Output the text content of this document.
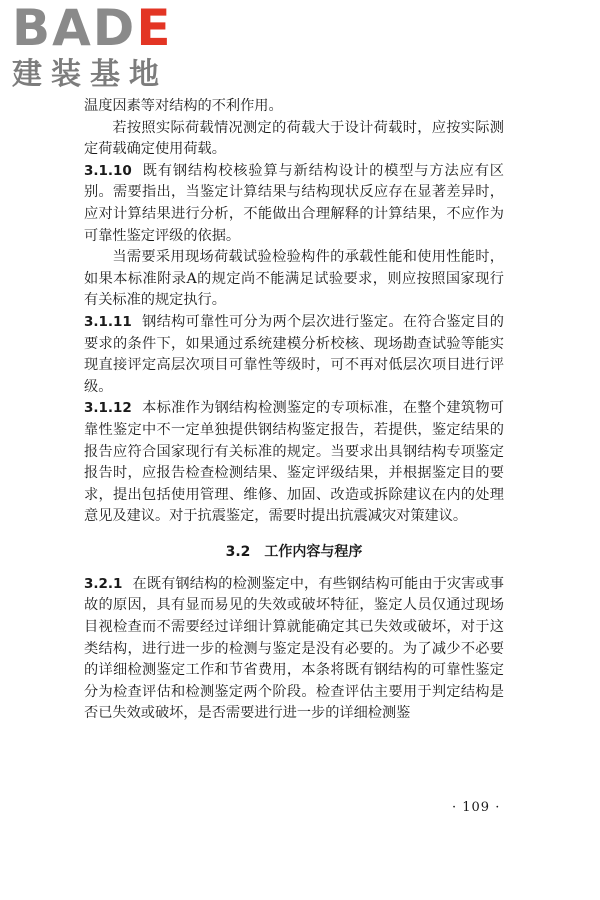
BADE
建装基地

温度因素等对结构的不利作用。

若按照实际荷载情况测定的荷载大于设计荷载时，应按实际测定荷载确定使用荷载。

3.1.10 既有钢结构校核验算与新结构设计的模型与方法应有区别。需要指出，当鉴定计算结果与结构现状反应存在显著差异时，应对计算结果进行分析，不能做出合理解释的计算结果，不应作为可靠性鉴定评级的依据。

当需要采用现场荷载试验检验构件的承载性能和使用性能时，如果本标准附录A的规定尚不能满足试验要求，则应按照国家现行有关标准的规定执行。

3.1.11 钢结构可靠性可分为两个层次进行鉴定。在符合鉴定目的要求的条件下，如果通过系统建模分析校核、现场勘查试验等能实现直接评定高层次项目可靠性等级时，可不再对低层次项目进行评级。

3.1.12 本标准作为钢结构检测鉴定的专项标准，在整个建筑物可靠性鉴定中不一定单独提供钢结构鉴定报告，若提供，鉴定结果的报告应符合国家现行有关标准的规定。当要求出具钢结构专项鉴定报告时，应报告检查检测结果、鉴定评级结果，并根据鉴定目的要求，提出包括使用管理、维修、加固、改造或拆除建议在内的处理意见及建议。对于抗震鉴定，需要时提出抗震减灾对策建议。

3.2 工作内容与程序

3.2.1 在既有钢结构的检测鉴定中，有些钢结构可能由于灾害或事故的原因，具有显而易见的失效或破坏特征，鉴定人员仅通过现场目视检查而不需要经过详细计算就能确定其已失效或破坏，对于这类结构，进行进一步的检测与鉴定是没有必要的。为了减少不必要的详细检测鉴定工作和节省费用，本条将既有钢结构的可靠性鉴定分为检查评估和检测鉴定两个阶段。检查评估主要用于判定结构是否已失效或破坏，是否需要进行进一步的详细检测鉴

· 109 ·
